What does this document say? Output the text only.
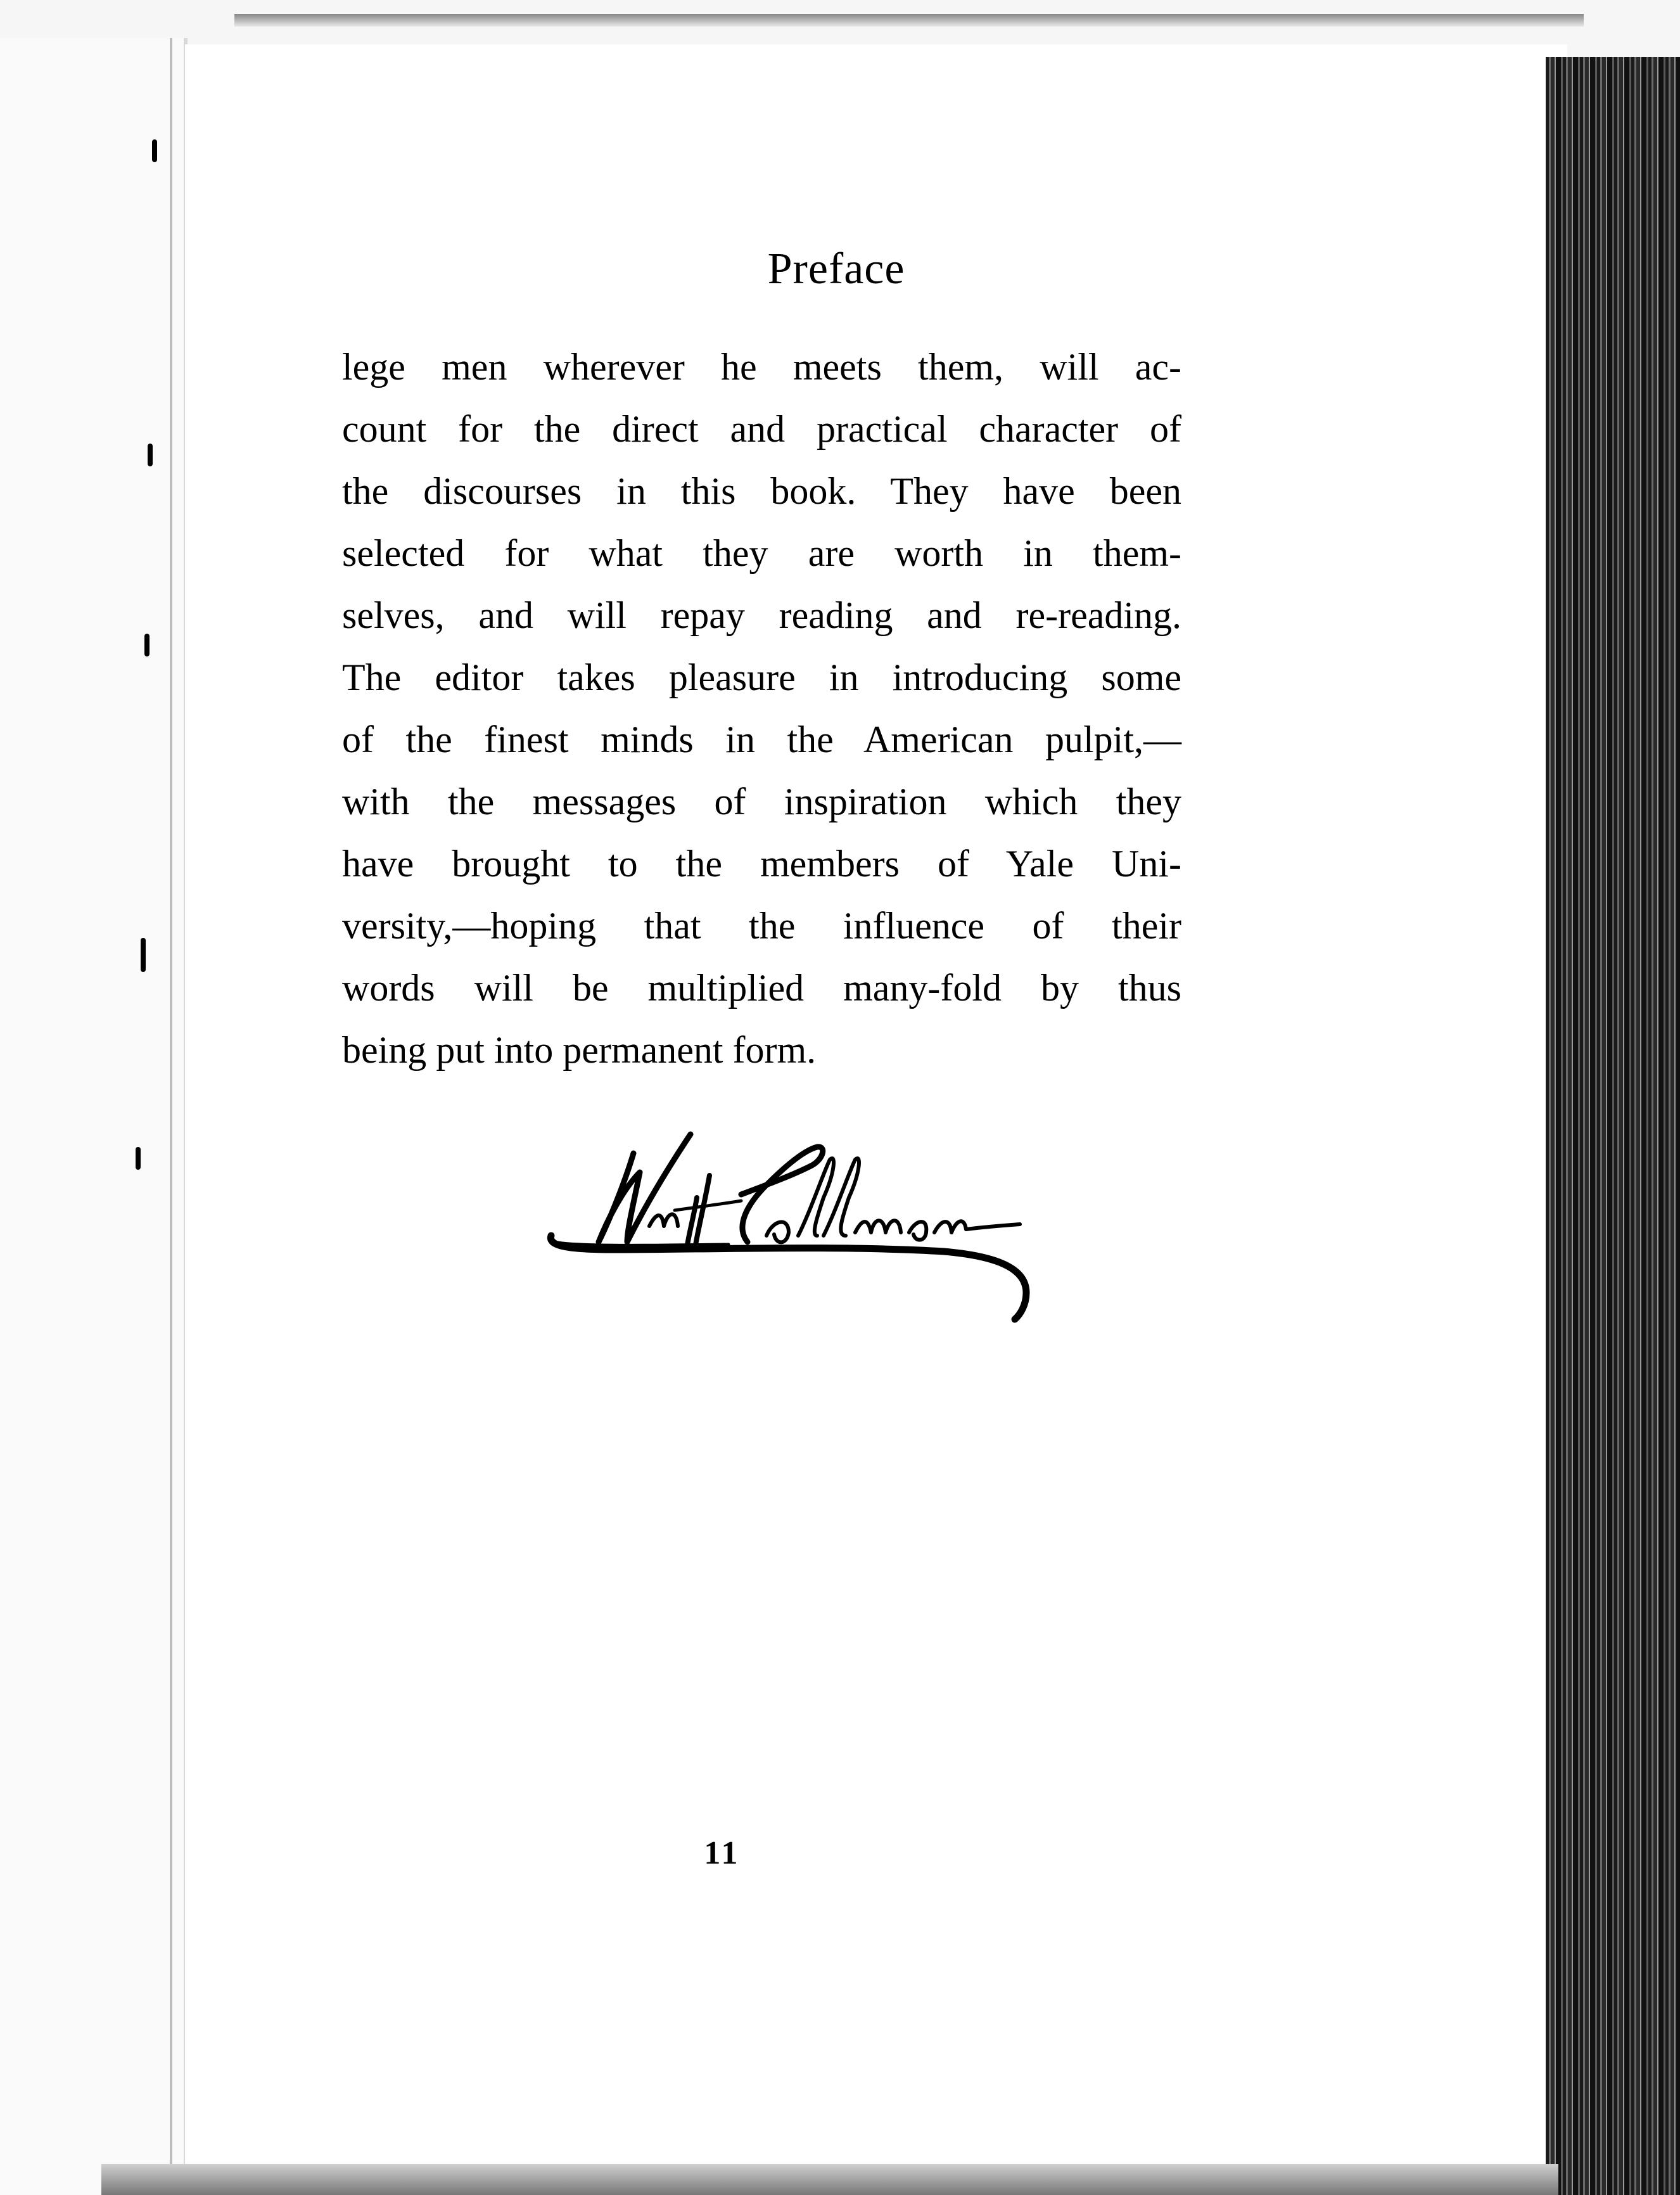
Preface
lege men wherever he meets them, will ac-
count for the direct and practical character of
the discourses in this book. They have been
selected for what they are worth in them-
selves, and will repay reading and re-reading.
The editor takes pleasure in introducing some
of the finest minds in the American pulpit,—
with the messages of inspiration which they
have brought to the members of Yale Uni-
versity,—hoping that the influence of their
words will be multiplied many-fold by thus
being put into permanent form.
11
